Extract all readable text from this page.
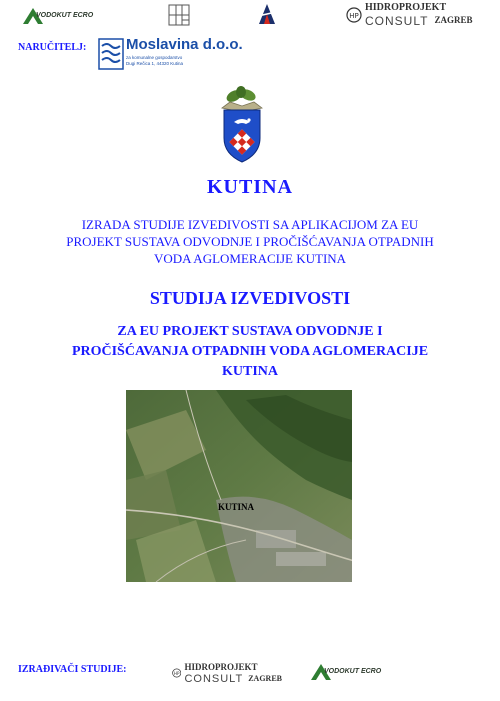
VODOKUT ECRO	HP
HIDROPROJEKT
CONSULT ZAGREB
NARUČITELJ:	Moslavina d.o.o.
za komunalne gospodarstvo
Dugi Rečica 1, 44320 Kutina
KUTINA
IZRADA STUDIJE IZVEDIVOSTI SA APLIKACIJOM ZA EU
PROJEKT SUSTAVA ODVODNJE I PROČIŠĆAVANJA OTPADNIH
VODA AGLOMERACIJE KUTINA
STUDIJA IZVEDIVOSTI
ZA EU PROJEKT SUSTAVA ODVODNJE I
PROČIŠĆAVANJA OTPADNIH VODA AGLOMERACIJE
KUTINA
KUTINA
IZRAĐIVAČI STUDIJE:	HP
HIDROPROJEKT
CONSULT ZAGREB
VODOKUT ECRO
